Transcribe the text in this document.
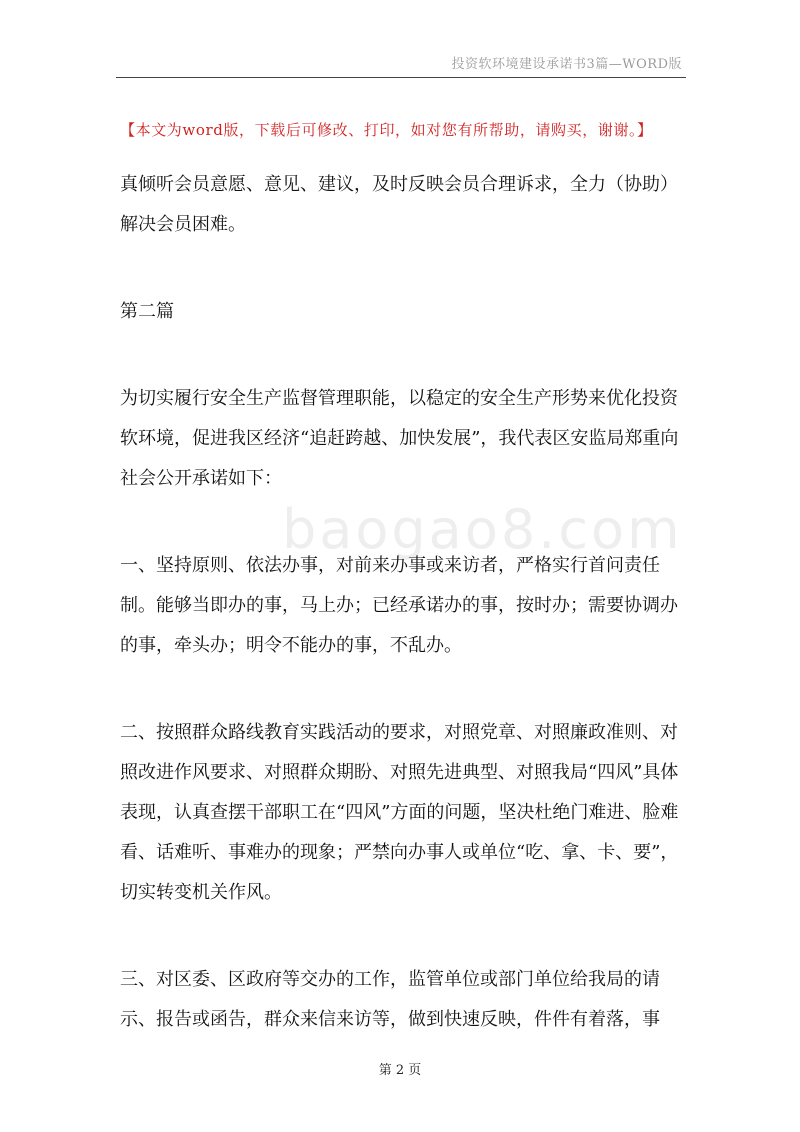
投资软环境建设承诺书3篇—WORD版
【本文为word版，下载后可修改、打印，如对您有所帮助，请购买，谢谢。】
baogao8.com

真倾听会员意愿、意见、建议，及时反映会员合理诉求，全力（协助）解决会员困难。

第二篇

为切实履行安全生产监督管理职能，以稳定的安全生产形势来优化投资软环境，促进我区经济“追赶跨越、加快发展”，我代表区安监局郑重向社会公开承诺如下：

一、坚持原则、依法办事，对前来办事或来访者，严格实行首问责任制。能够当即办的事，马上办；已经承诺办的事，按时办；需要协调办的事，牵头办；明令不能办的事，不乱办。

二、按照群众路线教育实践活动的要求，对照党章、对照廉政准则、对照改进作风要求、对照群众期盼、对照先进典型、对照我局“四风”具体表现，认真查摆干部职工在“四风”方面的问题，坚决杜绝门难进、脸难看、话难听、事难办的现象；严禁向办事人或单位“吃、拿、卡、要”，切实转变机关作风。

三、对区委、区政府等交办的工作，监管单位或部门单位给我局的请示、报告或函告，群众来信来访等，做到快速反映，件件有着落，事

第 2 页
